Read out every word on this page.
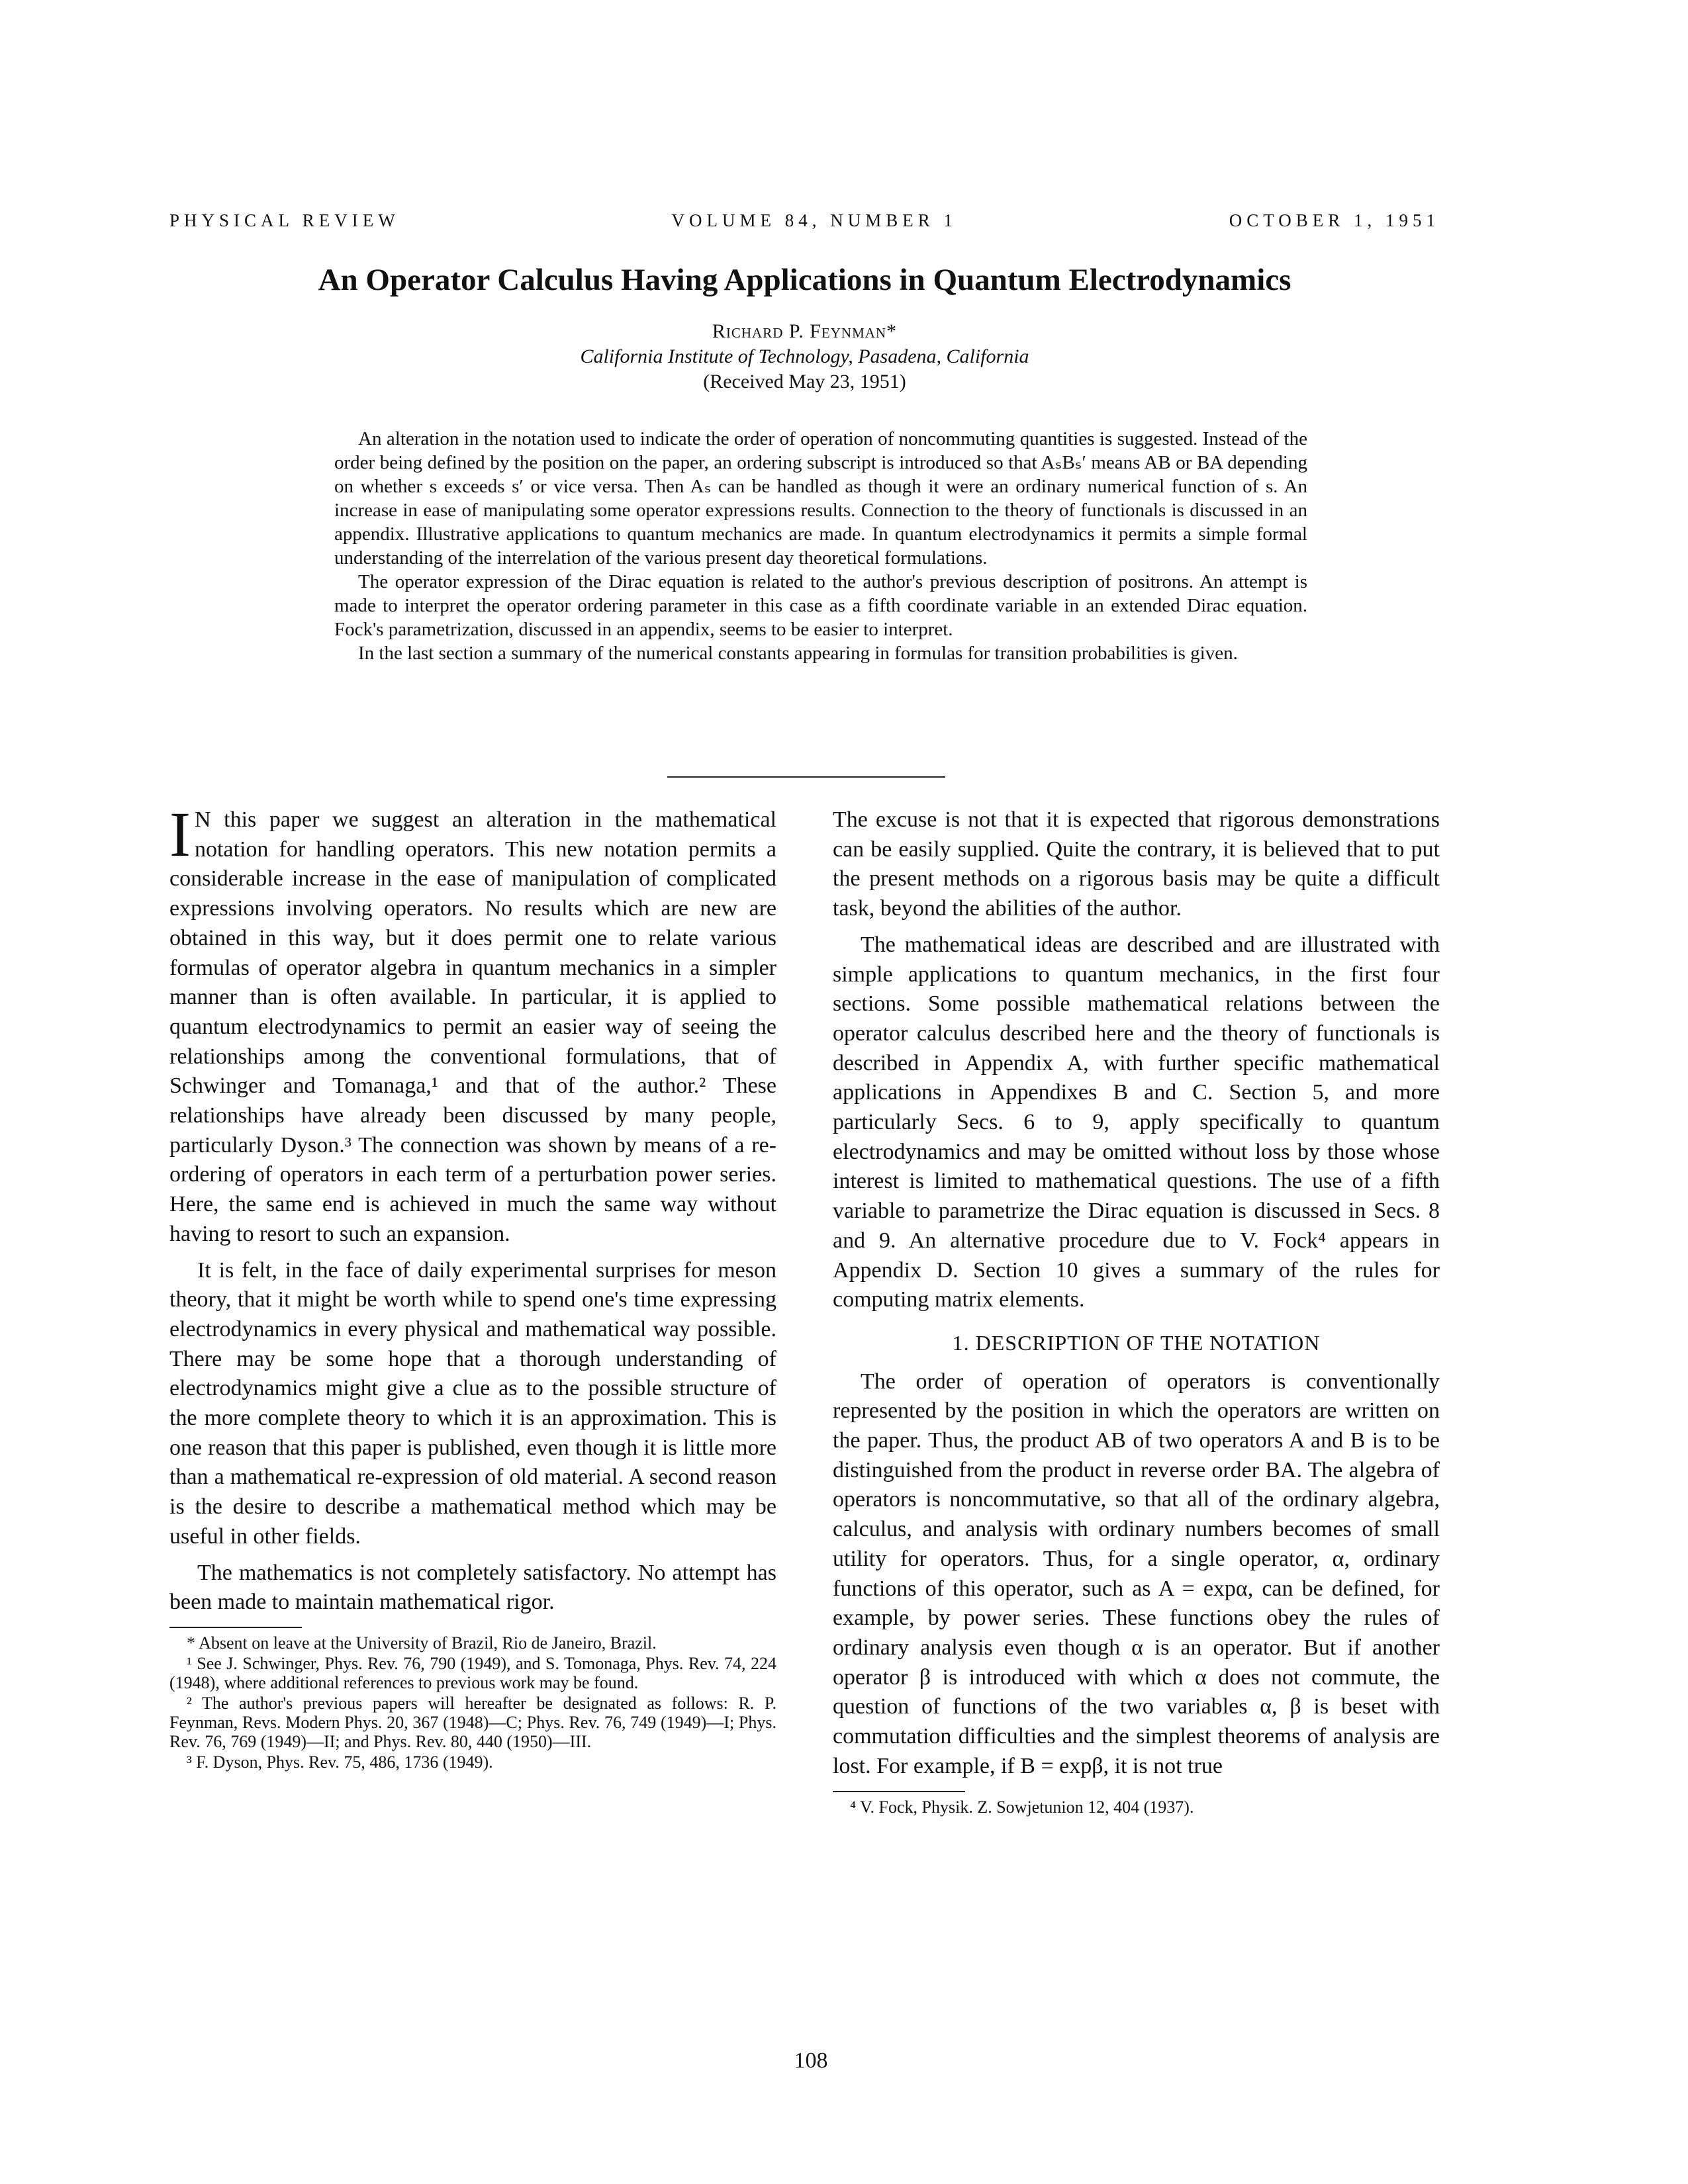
PHYSICAL REVIEW	VOLUME 84, NUMBER 1	OCTOBER 1, 1951
An Operator Calculus Having Applications in Quantum Electrodynamics
Richard P. Feynman*
California Institute of Technology, Pasadena, California
(Received May 23, 1951)

An alteration in the notation used to indicate the order of operation of noncommuting quantities is suggested. Instead of the order being defined by the position on the paper, an ordering subscript is introduced so that AₛBₛ′ means AB or BA depending on whether s exceeds s′ or vice versa. Then Aₛ can be handled as though it were an ordinary numerical function of s. An increase in ease of manipulating some operator expressions results. Connection to the theory of functionals is discussed in an appendix. Illustrative applications to quantum mechanics are made. In quantum electrodynamics it permits a simple formal understanding of the interrelation of the various present day theoretical formulations.

The operator expression of the Dirac equation is related to the author's previous description of positrons. An attempt is made to interpret the operator ordering parameter in this case as a fifth coordinate variable in an extended Dirac equation. Fock's parametrization, discussed in an appendix, seems to be easier to interpret.

In the last section a summary of the numerical constants appearing in formulas for transition probabilities is given.

I N this paper we suggest an alteration in the mathematical notation for handling operators. This new notation permits a considerable increase in the ease of manipulation of complicated expressions involving operators. No results which are new are obtained in this way, but it does permit one to relate various formulas of operator algebra in quantum mechanics in a simpler manner than is often available. In particular, it is applied to quantum electrodynamics to permit an easier way of seeing the relationships among the conventional formulations, that of Schwinger and Tomanaga,¹ and that of the author.² These relationships have already been discussed by many people, particularly Dyson.³ The connection was shown by means of a re-ordering of operators in each term of a perturbation power series. Here, the same end is achieved in much the same way without having to resort to such an expansion.

It is felt, in the face of daily experimental surprises for meson theory, that it might be worth while to spend one's time expressing electrodynamics in every physical and mathematical way possible. There may be some hope that a thorough understanding of electrodynamics might give a clue as to the possible structure of the more complete theory to which it is an approximation. This is one reason that this paper is published, even though it is little more than a mathematical re-expression of old material. A second reason is the desire to describe a mathematical method which may be useful in other fields.

The mathematics is not completely satisfactory. No attempt has been made to maintain mathematical rigor.

* Absent on leave at the University of Brazil, Rio de Janeiro, Brazil.

¹ See J. Schwinger, Phys. Rev. 76, 790 (1949), and S. Tomonaga, Phys. Rev. 74, 224 (1948), where additional references to previous work may be found.

² The author's previous papers will hereafter be designated as follows: R. P. Feynman, Revs. Modern Phys. 20, 367 (1948)—C; Phys. Rev. 76, 749 (1949)—I; Phys. Rev. 76, 769 (1949)—II; and Phys. Rev. 80, 440 (1950)—III.

³ F. Dyson, Phys. Rev. 75, 486, 1736 (1949).

The excuse is not that it is expected that rigorous demonstrations can be easily supplied. Quite the contrary, it is believed that to put the present methods on a rigorous basis may be quite a difficult task, beyond the abilities of the author.

The mathematical ideas are described and are illustrated with simple applications to quantum mechanics, in the first four sections. Some possible mathematical relations between the operator calculus described here and the theory of functionals is described in Appendix A, with further specific mathematical applications in Appendixes B and C. Section 5, and more particularly Secs. 6 to 9, apply specifically to quantum electrodynamics and may be omitted without loss by those whose interest is limited to mathematical questions. The use of a fifth variable to parametrize the Dirac equation is discussed in Secs. 8 and 9. An alternative procedure due to V. Fock⁴ appears in Appendix D. Section 10 gives a summary of the rules for computing matrix elements.

1. DESCRIPTION OF THE NOTATION

The order of operation of operators is conventionally represented by the position in which the operators are written on the paper. Thus, the product AB of two operators A and B is to be distinguished from the product in reverse order BA. The algebra of operators is noncommutative, so that all of the ordinary algebra, calculus, and analysis with ordinary numbers becomes of small utility for operators. Thus, for a single operator, α, ordinary functions of this operator, such as A = expα, can be defined, for example, by power series. These functions obey the rules of ordinary analysis even though α is an operator. But if another operator β is introduced with which α does not commute, the question of functions of the two variables α, β is beset with commutation difficulties and the simplest theorems of analysis are lost. For example, if B = expβ, it is not true

⁴ V. Fock, Physik. Z. Sowjetunion 12, 404 (1937).

108
